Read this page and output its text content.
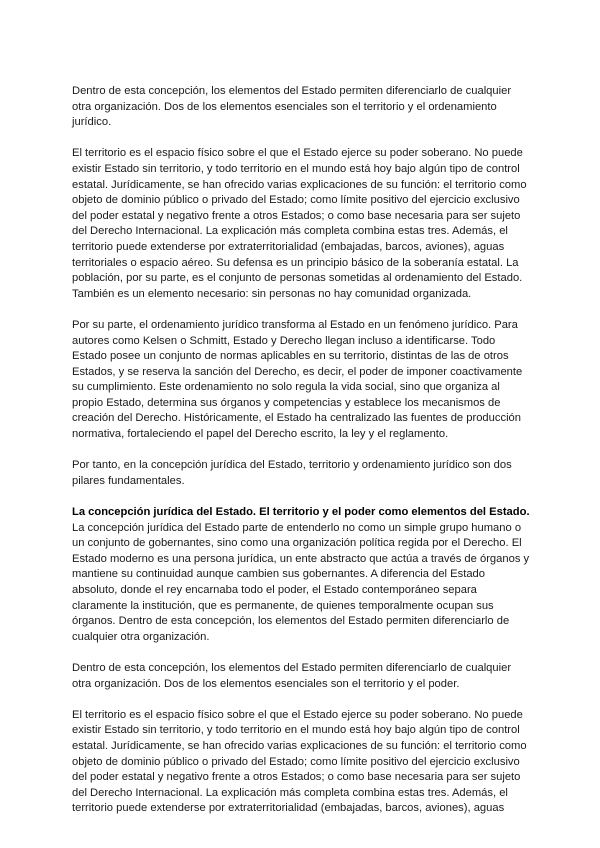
Dentro de esta concepción, los elementos del Estado permiten diferenciarlo de cualquier otra organización. Dos de los elementos esenciales son el territorio y el ordenamiento jurídico.

El territorio es el espacio físico sobre el que el Estado ejerce su poder soberano. No puede existir Estado sin territorio, y todo territorio en el mundo está hoy bajo algún tipo de control estatal. Jurídicamente, se han ofrecido varias explicaciones de su función: el territorio como objeto de dominio público o privado del Estado; como límite positivo del ejercicio exclusivo del poder estatal y negativo frente a otros Estados; o como base necesaria para ser sujeto del Derecho Internacional. La explicación más completa combina estas tres. Además, el territorio puede extenderse por extraterritorialidad (embajadas, barcos, aviones), aguas territoriales o espacio aéreo. Su defensa es un principio básico de la soberanía estatal. La población, por su parte, es el conjunto de personas sometidas al ordenamiento del Estado. También es un elemento necesario: sin personas no hay comunidad organizada.

Por su parte, el ordenamiento jurídico transforma al Estado en un fenómeno jurídico. Para autores como Kelsen o Schmitt, Estado y Derecho llegan incluso a identificarse. Todo Estado posee un conjunto de normas aplicables en su territorio, distintas de las de otros Estados, y se reserva la sanción del Derecho, es decir, el poder de imponer coactivamente su cumplimiento. Este ordenamiento no solo regula la vida social, sino que organiza al propio Estado, determina sus órganos y competencias y establece los mecanismos de creación del Derecho. Históricamente, el Estado ha centralizado las fuentes de producción normativa, fortaleciendo el papel del Derecho escrito, la ley y el reglamento.

Por tanto, en la concepción jurídica del Estado, territorio y ordenamiento jurídico son dos pilares fundamentales.

La concepción jurídica del Estado. El territorio y el poder como elementos del Estado.
La concepción jurídica del Estado parte de entenderlo no como un simple grupo humano o un conjunto de gobernantes, sino como una organización política regida por el Derecho. El Estado moderno es una persona jurídica, un ente abstracto que actúa a través de órganos y mantiene su continuidad aunque cambien sus gobernantes. A diferencia del Estado absoluto, donde el rey encarnaba todo el poder, el Estado contemporáneo separa claramente la institución, que es permanente, de quienes temporalmente ocupan sus órganos. Dentro de esta concepción, los elementos del Estado permiten diferenciarlo de cualquier otra organización.

Dentro de esta concepción, los elementos del Estado permiten diferenciarlo de cualquier otra organización. Dos de los elementos esenciales son el territorio y el poder.

El territorio es el espacio físico sobre el que el Estado ejerce su poder soberano. No puede existir Estado sin territorio, y todo territorio en el mundo está hoy bajo algún tipo de control estatal. Jurídicamente, se han ofrecido varias explicaciones de su función: el territorio como objeto de dominio público o privado del Estado; como límite positivo del ejercicio exclusivo del poder estatal y negativo frente a otros Estados; o como base necesaria para ser sujeto del Derecho Internacional. La explicación más completa combina estas tres. Además, el territorio puede extenderse por extraterritorialidad (embajadas, barcos, aviones), aguas
